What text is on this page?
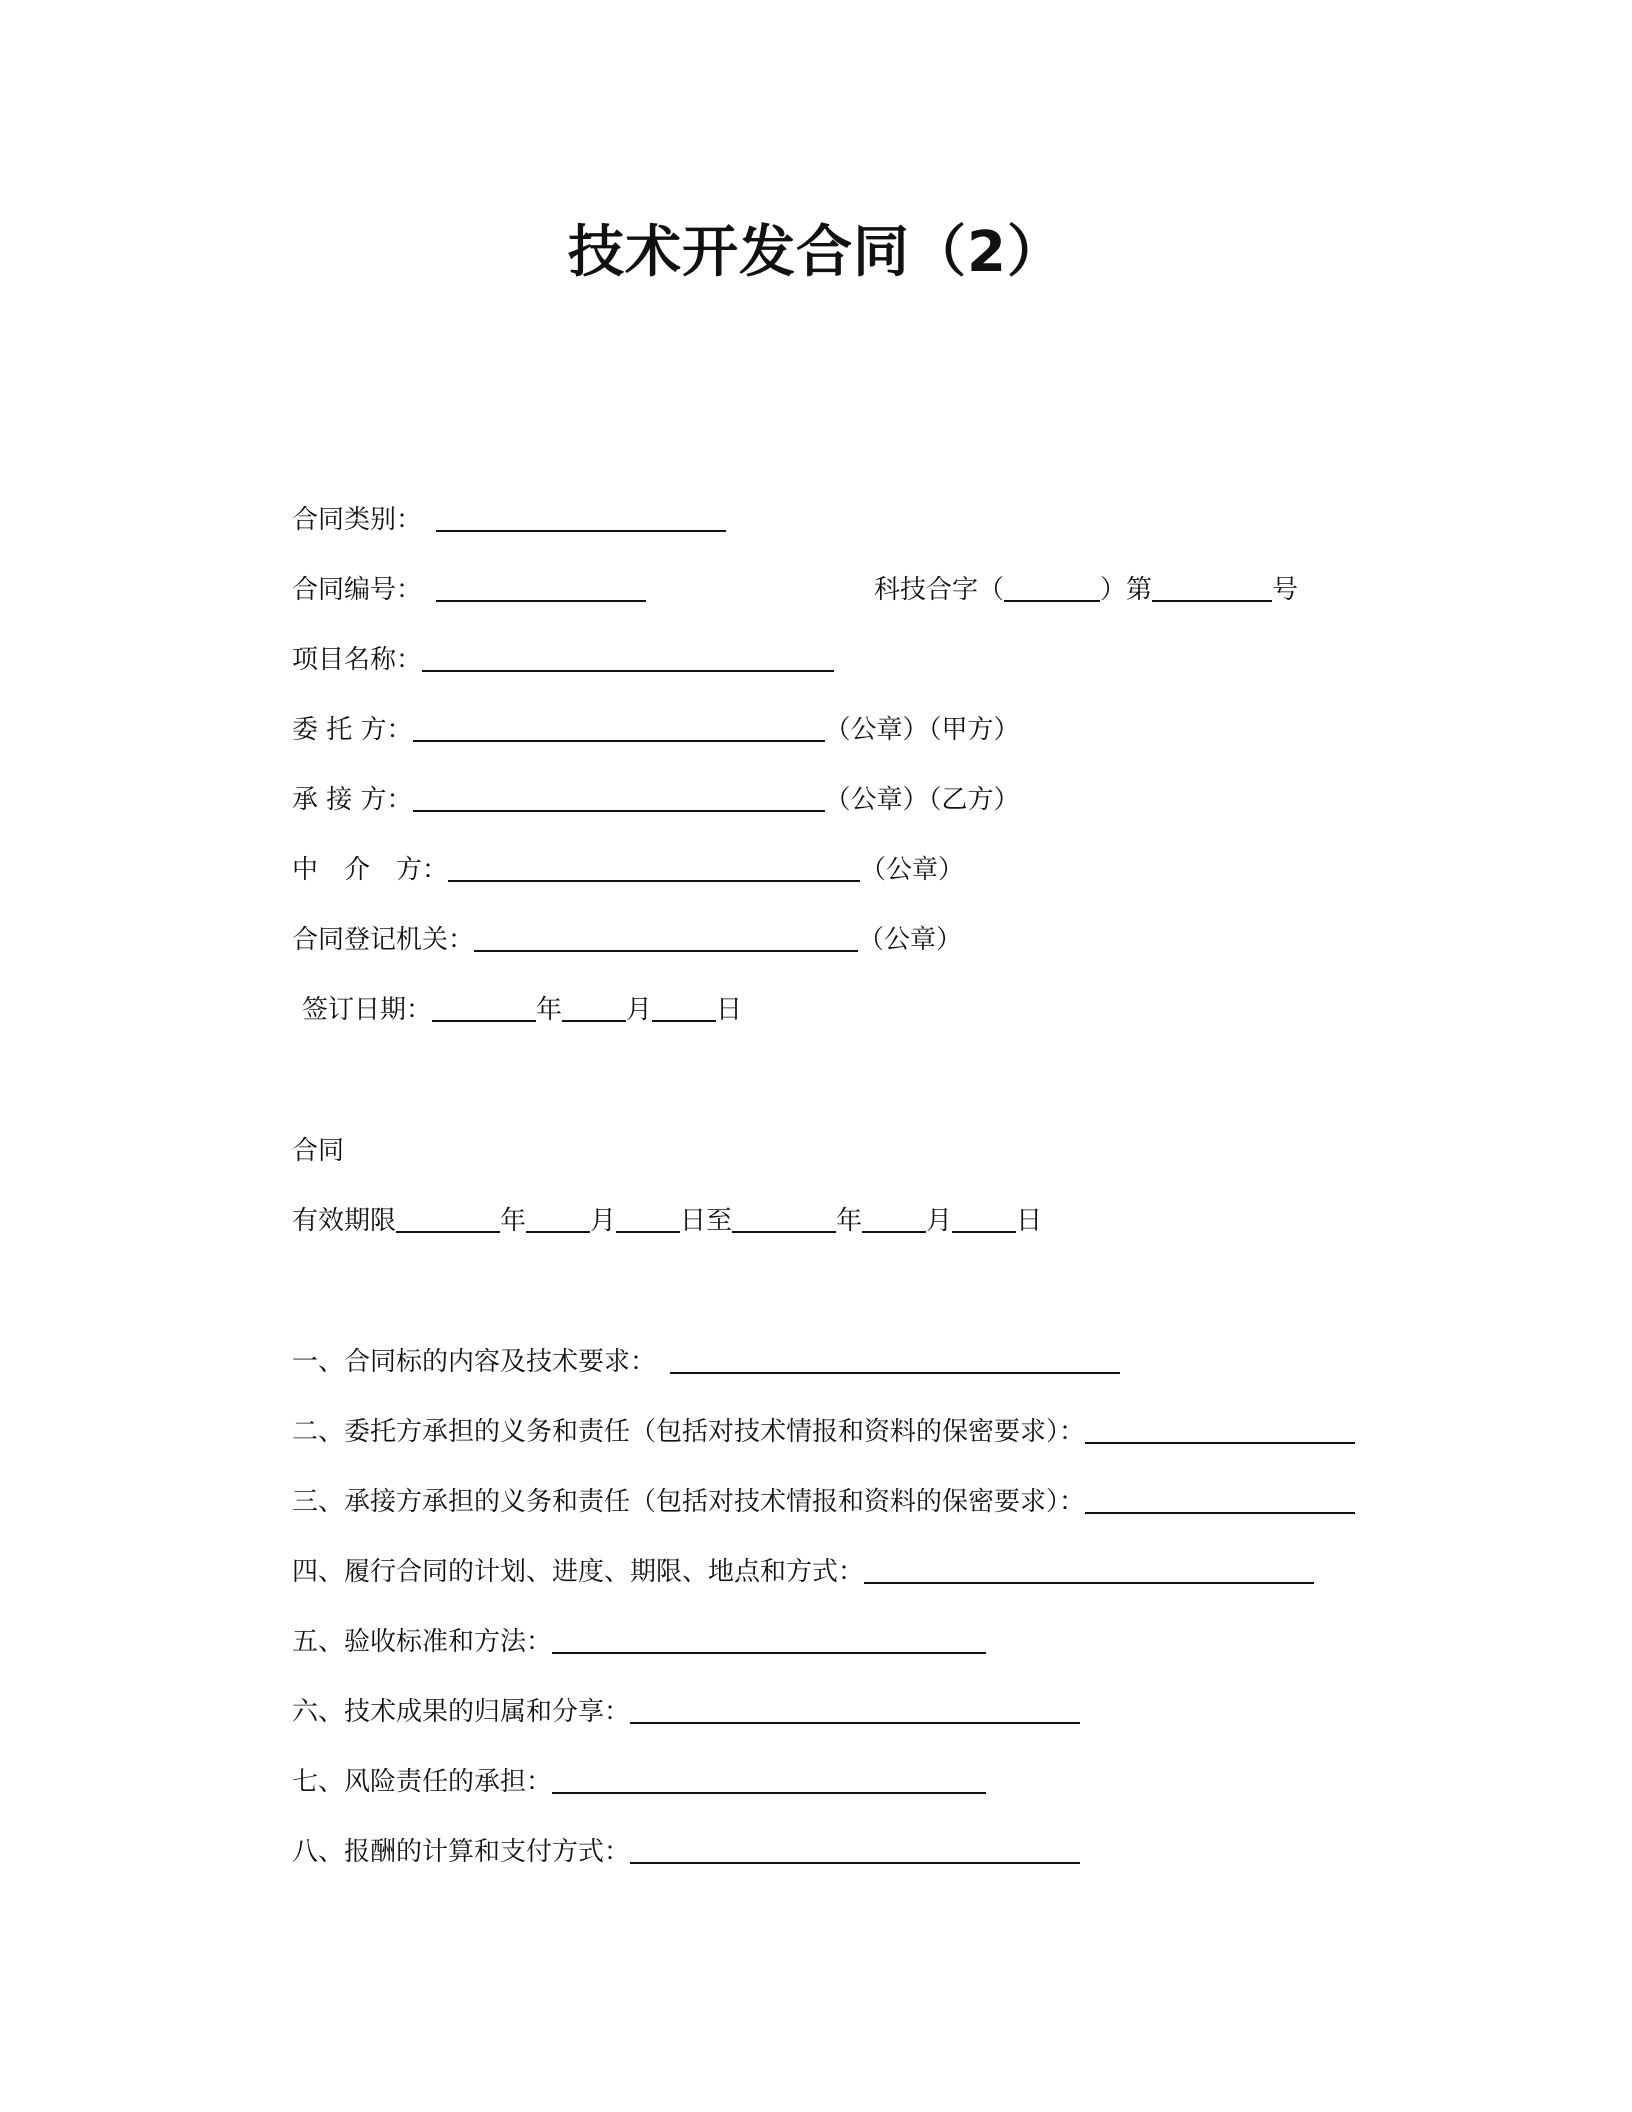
技术开发合同（2）
合同类别：
合同编号：	科技合字（	）第	号
项目名称：
委 托 方：	（公章）（甲方）
承 接 方：	（公章）（乙方）
中　介　方：	（公章）
合同登记机关：	（公章）
签订日期：	年 月 日
合同
有效期限	年 月 日至	年 月 日
一、合同标的内容及技术要求：
二、委托方承担的义务和责任（包括对技术情报和资料的保密要求）：
三、承接方承担的义务和责任（包括对技术情报和资料的保密要求）：
四、履行合同的计划、进度、期限、地点和方式：
五、验收标准和方法：
六、技术成果的归属和分享：
七、风险责任的承担：
八、报酬的计算和支付方式：
